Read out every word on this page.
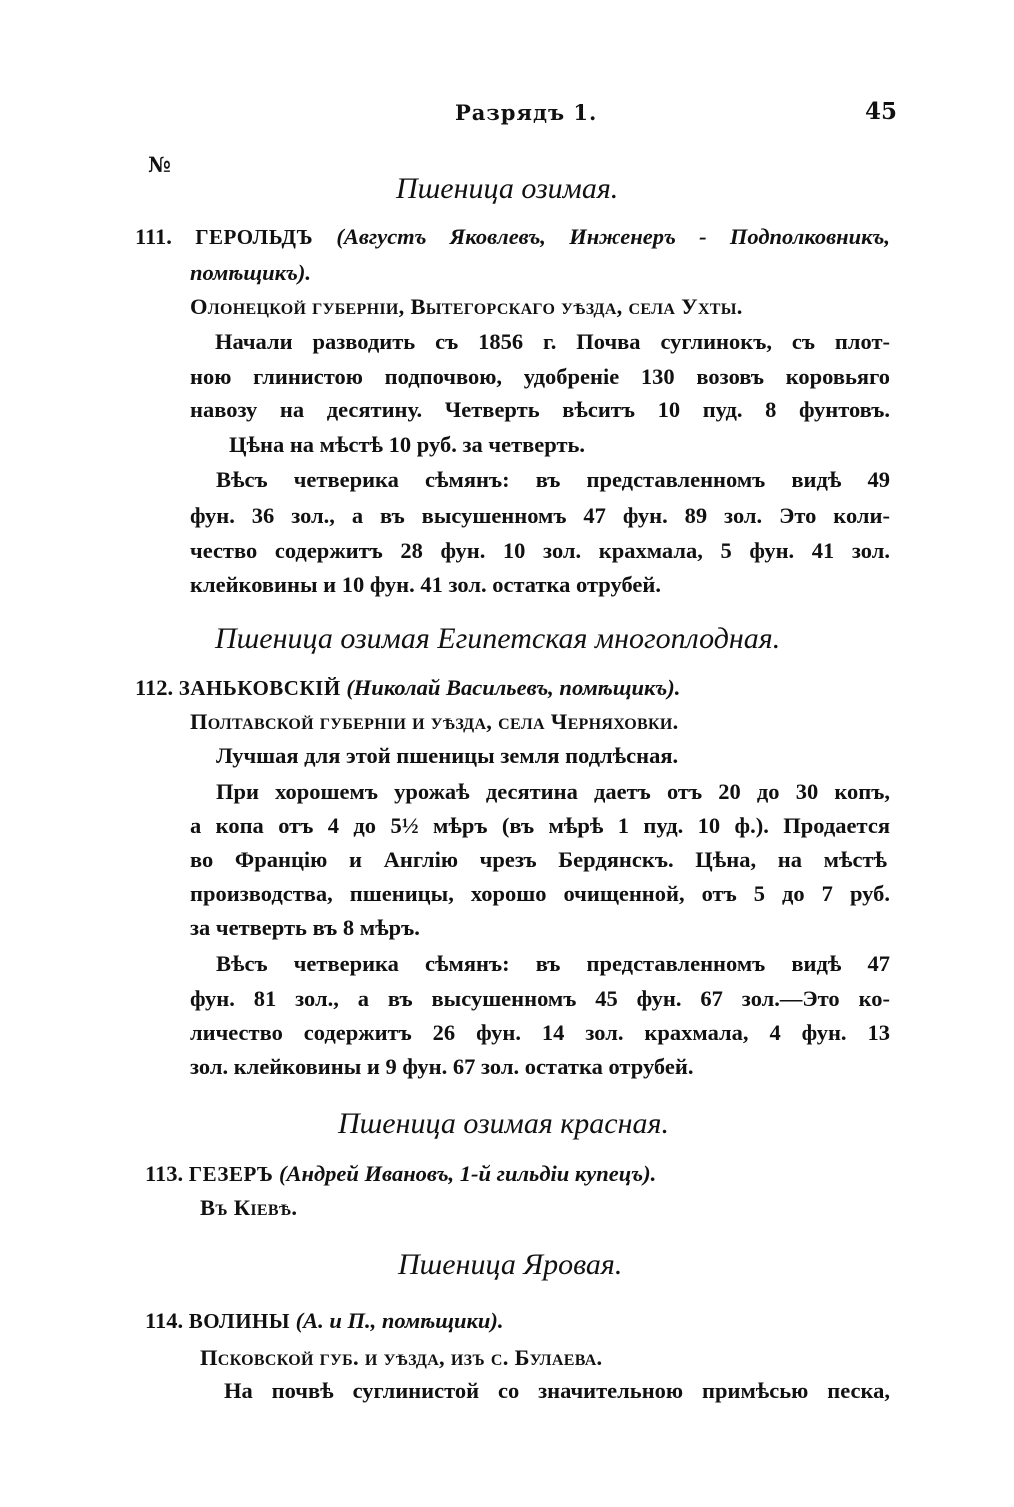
Разрядъ 1.	45
№
Пшеница озимая.
111. ГЕРОЛЬДЪ (Августъ Яковлевъ, Инженеръ - Подполковникъ,
помѣщикъ).
Олонецкой губерніи, Вытегорскаго уѣзда, села Ухты.
Начали разводить съ 1856 г. Почва суглинокъ, съ плот-
ною глинистою подпочвою, удобреніе 130 возовъ коровьяго
навозу на десятину. Четверть вѣситъ 10 пуд. 8 фунтовъ.
Цѣна на мѣстѣ 10 руб. за четверть.
Вѣсъ четверика сѣмянъ: въ представленномъ видѣ 49
фун. 36 зол., а въ высушенномъ 47 фун. 89 зол. Это коли-
чество содержитъ 28 фун. 10 зол. крахмала, 5 фун. 41 зол.
клейковины и 10 фун. 41 зол. остатка отрубей.
Пшеница озимая Египетская многоплодная.
112. ЗАНЬКОВСКІЙ (Николай Васильевъ, помѣщикъ).
Полтавской губерніи и уѣзда, села Черняховки.
Лучшая для этой пшеницы земля подлѣсная.
При хорошемъ урожаѣ десятина даетъ отъ 20 до 30 копъ,
а копа отъ 4 до 5½ мѣръ (въ мѣрѣ 1 пуд. 10 ф.). Продается
во Францію и Англію чрезъ Бердянскъ. Цѣна, на мѣстѣ
производства, пшеницы, хорошо очищенной, отъ 5 до 7 руб.
за четверть въ 8 мѣръ.
Вѣсъ четверика сѣмянъ: въ представленномъ видѣ 47
фун. 81 зол., а въ высушенномъ 45 фун. 67 зол.—Это ко-
личество содержитъ 26 фун. 14 зол. крахмала, 4 фун. 13
зол. клейковины и 9 фун. 67 зол. остатка отрубей.
Пшеница озимая красная.
113. ГЕЗЕРЪ (Андрей Ивановъ, 1-й гильдіи купецъ).
Въ Кіевѣ.
Пшеница Яровая.
114. ВОЛИНЫ (А. и П., помѣщики).
Псковской губ. и уѣзда, изъ с. Булаева.
На почвѣ суглинистой со значительною примѣсью песка,
